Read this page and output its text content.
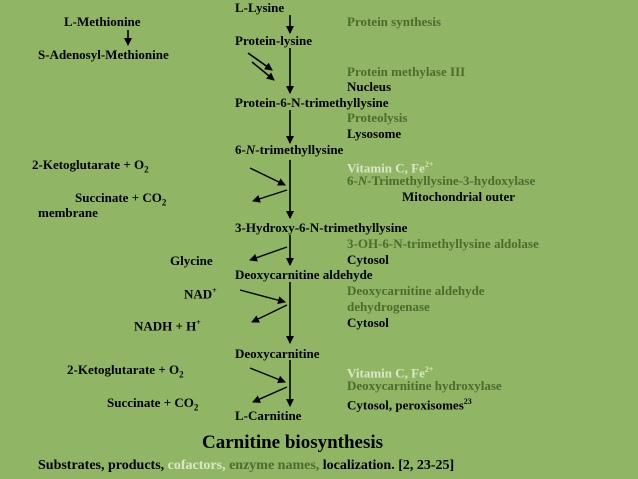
L-Methionine
S-Adenosyl-Methionine
2-Ketoglutarate + $O_2$
Succinate + $CO_2$
membrane
Glycine
NAD+
NADH + H+
2-Ketoglutarate + $O_2$
Succinate + $CO_2$
L-Lysine
Protein-lysine
Protein-6-N-trimethyllysine
6-N-trimethyllysine
3-Hydroxy-6-N-trimethyllysine
Deoxycarnitine aldehyde
Deoxycarnitine
L-Carnitine
Protein synthesis
Protein methylase III
Nucleus
Proteolysis
Lysosome
Vitamin C, $Fe^{2+}$
6-N-Trimethyllysine-3-hydoxylase
Mitochondrial outer
3-OH-6-N-trimethyllysine aldolase
Cytosol
Deoxycarnitine aldehyde
dehydrogenase
Cytosol
Vitamin C, $Fe^{2+}$
Deoxycarnitine hydroxylase
Cytosol, peroxisomes$^{23}$
Carnitine biosynthesis
Substrates, products, cofactors, enzyme names, localization. [2, 23-25]
